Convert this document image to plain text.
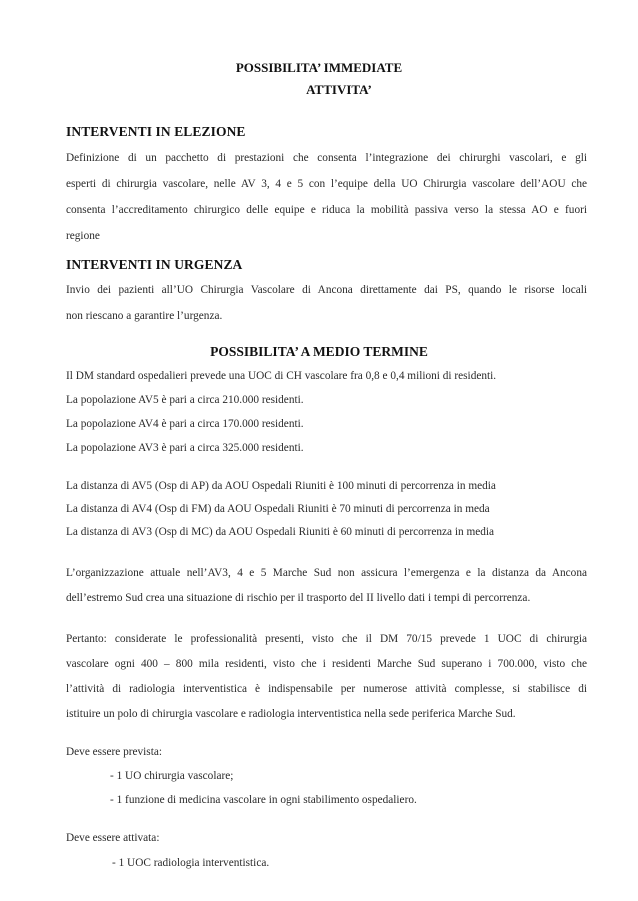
POSSIBILITA’ IMMEDIATE
ATTIVITA’
INTERVENTI IN ELEZIONE
Definizione di un pacchetto di prestazioni che consenta l’integrazione dei chirurghi vascolari, e gli
esperti di chirurgia vascolare, nelle AV 3, 4 e 5 con l’equipe della UO Chirurgia vascolare dell’AOU che
consenta l’accreditamento chirurgico delle equipe e riduca la mobilità passiva verso la stessa AO e fuori
regione
INTERVENTI IN URGENZA
Invio dei pazienti all’UO Chirurgia Vascolare di Ancona direttamente dai PS, quando le risorse locali
non riescano a garantire l’urgenza.
POSSIBILITA’ A MEDIO TERMINE
Il DM standard ospedalieri prevede una UOC di CH vascolare fra 0,8 e 0,4 milioni di residenti.
La popolazione AV5 è pari a circa 210.000 residenti.
La popolazione AV4 è pari a circa 170.000 residenti.
La popolazione AV3 è pari a circa 325.000 residenti.
La distanza di AV5 (Osp di AP) da AOU Ospedali Riuniti è 100 minuti di percorrenza in media
La distanza di AV4 (Osp di FM) da AOU Ospedali Riuniti è 70 minuti di percorrenza in meda
La distanza di AV3 (Osp di MC) da AOU Ospedali Riuniti è 60 minuti di percorrenza in media
L’organizzazione attuale nell’AV3, 4 e 5 Marche Sud non assicura l’emergenza e la distanza da Ancona
dell’estremo Sud crea una situazione di rischio per il trasporto del II livello dati i tempi di percorrenza.
Pertanto: considerate le professionalità presenti, visto che il DM 70/15 prevede 1 UOC di chirurgia
vascolare ogni 400 – 800 mila residenti, visto che i residenti Marche Sud superano i 700.000, visto che
l’attività di radiologia interventistica è indispensabile per numerose attività complesse, si stabilisce di
istituire un polo di chirurgia vascolare e radiologia interventistica nella sede periferica Marche Sud.
Deve essere prevista:
- 1 UO chirurgia vascolare;
- 1 funzione di medicina vascolare in ogni stabilimento ospedaliero.
Deve essere attivata:
- 1 UOC radiologia interventistica.
